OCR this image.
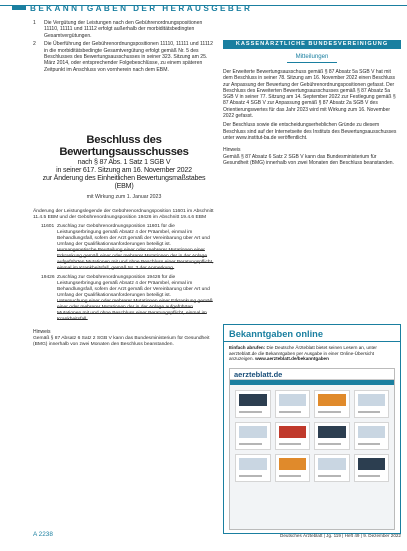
BEKANNTGABEN DER HERAUSGEBER
1	Die Vergütung der Leistungen nach den Gebührenordnungspositionen 11110, 11111 und 11112 erfolgt außerhalb der morbiditätsbedingten Gesamtvergütungen.
2	Die Überführung der Gebührenordnungspositionen 11110, 11111 und 11112 in die morbiditätsbedingte Gesamtvergütung erfolgt gemäß Nr. 5 des Beschlusses des Bewertungsausschusses in seiner 323. Sitzung am 25. März 2014, oder entsprechender Folgebeschlüsse, zu einem späteren Zeitpunkt im Anschluss von vornherein nach dem EBM.
Beschluss des Bewertungsausschusses
nach § 87 Abs. 1 Satz 1 SGB V
in seiner 617. Sitzung am 16. November 2022
zur Änderung des Einheitlichen Bewertungsmaßstabes (EBM)
mit Wirkung zum 1. Januar 2023
Änderung der Leistungslegende der Gebührenordnungsposition 11601 im Abschnitt 11.4.5 EBM und der Gebührenordnungsposition 19426 im Abschnitt 19.4.6 EBM
11601 Zuschlag zur Gebührenordnungsposition 11601 für die Leistungserbringung gemäß Absatz 4 der Präambel, einmal im Behandlungsfall, sofern der Arzt gemäß der Vereinbarung über Art und Umfang der Qualifikationsanforderungen beteiligt ist.
Humangenetische Beurteilung einer oder mehrerer Mutationen einer Erkrankung gemäß einer oder mehrerer Mutationen der in der Anlage aufgeführten Mutationen mit und ohne Beschluss einer Beratungspflicht, einmal im Krankheitsfall, gemäß Nr. 3 der Anmerkung.
19426 Zuschlag zur Gebührenordnungsposition 19426 für die Leistungserbringung gemäß Absatz 4 der Präambel, einmal im Behandlungsfall, sofern der Arzt gemäß der Vereinbarung über Art und Umfang der Qualifikationsanforderungen beteiligt ist.
Untersuchung einer oder mehrerer Mutationen einer Erkrankung gemäß einer oder mehrerer Mutationen der in der Anlage aufgeführten Mutationen mit und ohne Beschluss einer Beratungspflicht, einmal im Krankheitsfall.
Hinweis
Gemäß § 87 Absatz 6 Satz 2 SGB V kann das Bundesministerium für Gesundheit (BMG) innerhalb von zwei Monaten den Beschluss beanstanden.
KASSENÄRZTLICHE BUNDESVEREINIGUNG
Mitteilungen
Der Erweiterte Bewertungsausschuss gemäß § 87 Absatz 5a SGB V hat mit dem Beschluss in seiner 78. Sitzung am 16. November 2022 einen Beschluss zur Anpassung der Bewertung der Gebührenordnungspositionen gefasst. Der Beschluss des Erweiterten Bewertungsausschusses gemäß § 87 Absatz 5a SGB V in seiner 77. Sitzung am 14. September 2022 zur Festlegung gemäß § 87 Absatz 4 SGB V zur Anpassung gemäß § 87 Absatz 2a SGB V des Orientierungswertes für das Jahr 2023 wird mit Wirkung zum 16. November 2022 gefasst.
Der Beschluss sowie die entscheidungserheblichen Gründe zu diesem Beschluss sind auf der Internetseite des Instituts des Bewertungsausschusses unter www.institut-ba.de veröffentlicht.
Hinweis
Gemäß § 87 Absatz 6 Satz 2 SGB V kann das Bundesministerium für Gesundheit (BMG) innerhalb von zwei Monaten den Beschluss beanstanden.
Bekanntgaben online
Einfach abrufen: Die Deutsche Ärzteblatt bietet seinen Lesern an, unter aerzteblatt.de die Bekanntgaben per Ausgabe in einer Online-Übersicht anzuzeigen. www.aerzteblatt.de/bekanntgaben
aerzteblatt.de
A 2238	Deutsches Ärzteblatt | Jg. 119 | Heft 49 | 9. Dezember 2022
